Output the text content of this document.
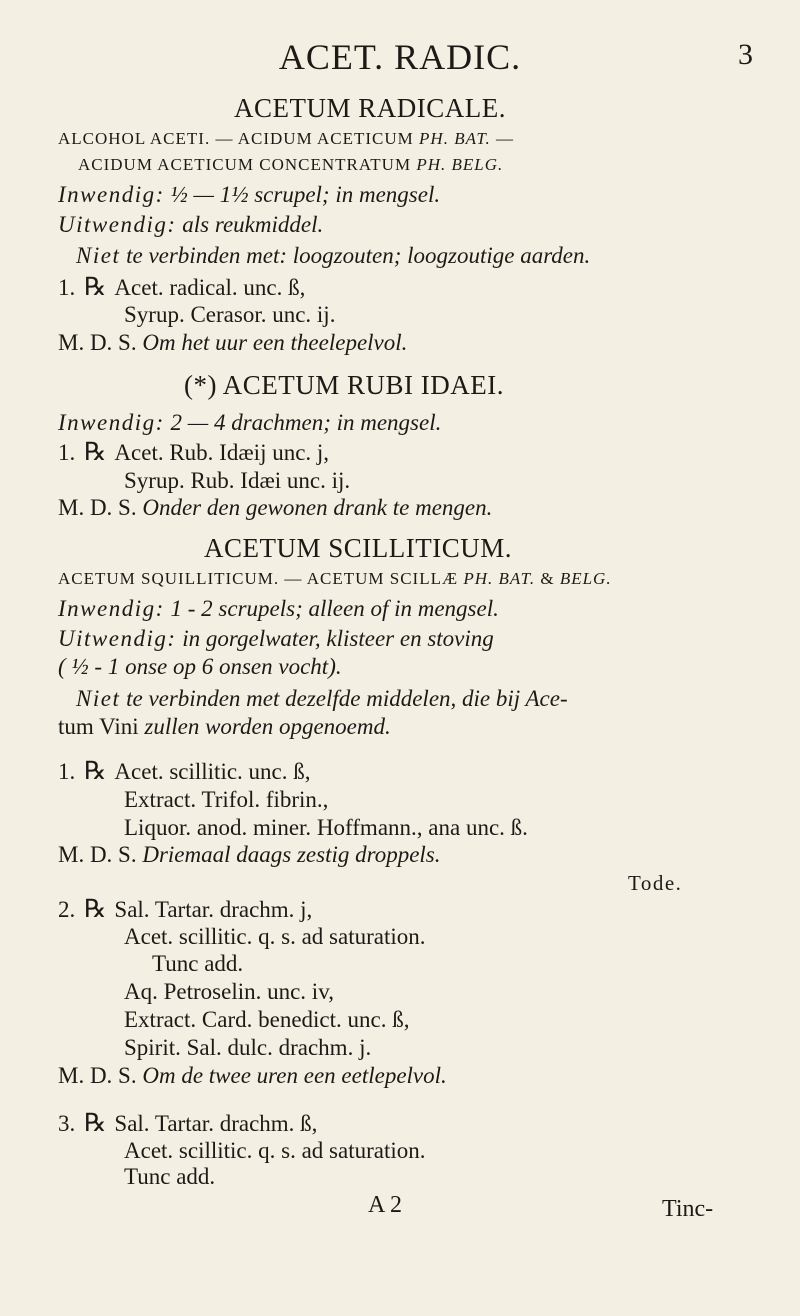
ACET. RADIC.	3
ACETUM RADICALE.
ALCOHOL ACETI. — ACIDUM ACETICUM PH. BAT. —
ACIDUM ACETICUM CONCENTRATUM PH. BELG.
Inwendig: ½ — 1½ scrupel; in mengsel.
Uitwendig: als reukmiddel.
Niet te verbinden met: loogzouten; loogzoutige aarden.
1. ℞ Acet. radical. unc. ß,
Syrup. Cerasor. unc. ij.
M. D. S. Om het uur een theelepelvol.
(*) ACETUM RUBI IDAEI.
Inwendig: 2 — 4 drachmen; in mengsel.
1. ℞ Acet. Rub. Idæij unc. j,
Syrup. Rub. Idæi unc. ij.
M. D. S. Onder den gewonen drank te mengen.
ACETUM SCILLITICUM.
ACETUM SQUILLITICUM. — ACETUM SCILLÆ PH. BAT. & BELG.
Inwendig: 1 - 2 scrupels; alleen of in mengsel.
Uitwendig: in gorgelwater, klisteer en stoving
( ½ - 1 onse op 6 onsen vocht).
Niet te verbinden met dezelfde middelen, die bij Ace-
tum Vini zullen worden opgenoemd.
1. ℞ Acet. scillitic. unc. ß,
Extract. Trifol. fibrin.,
Liquor. anod. miner. Hoffmann., ana unc. ß.
M. D. S. Driemaal daags zestig droppels.
Tode.
2. ℞ Sal. Tartar. drachm. j,
Acet. scillitic. q. s. ad saturation.
Tunc add.
Aq. Petroselin. unc. iv,
Extract. Card. benedict. unc. ß,
Spirit. Sal. dulc. drachm. j.
M. D. S. Om de twee uren een eetlepelvol.
3. ℞ Sal. Tartar. drachm. ß,
Acet. scillitic. q. s. ad saturation.
Tunc add.
A 2	Tinc-
